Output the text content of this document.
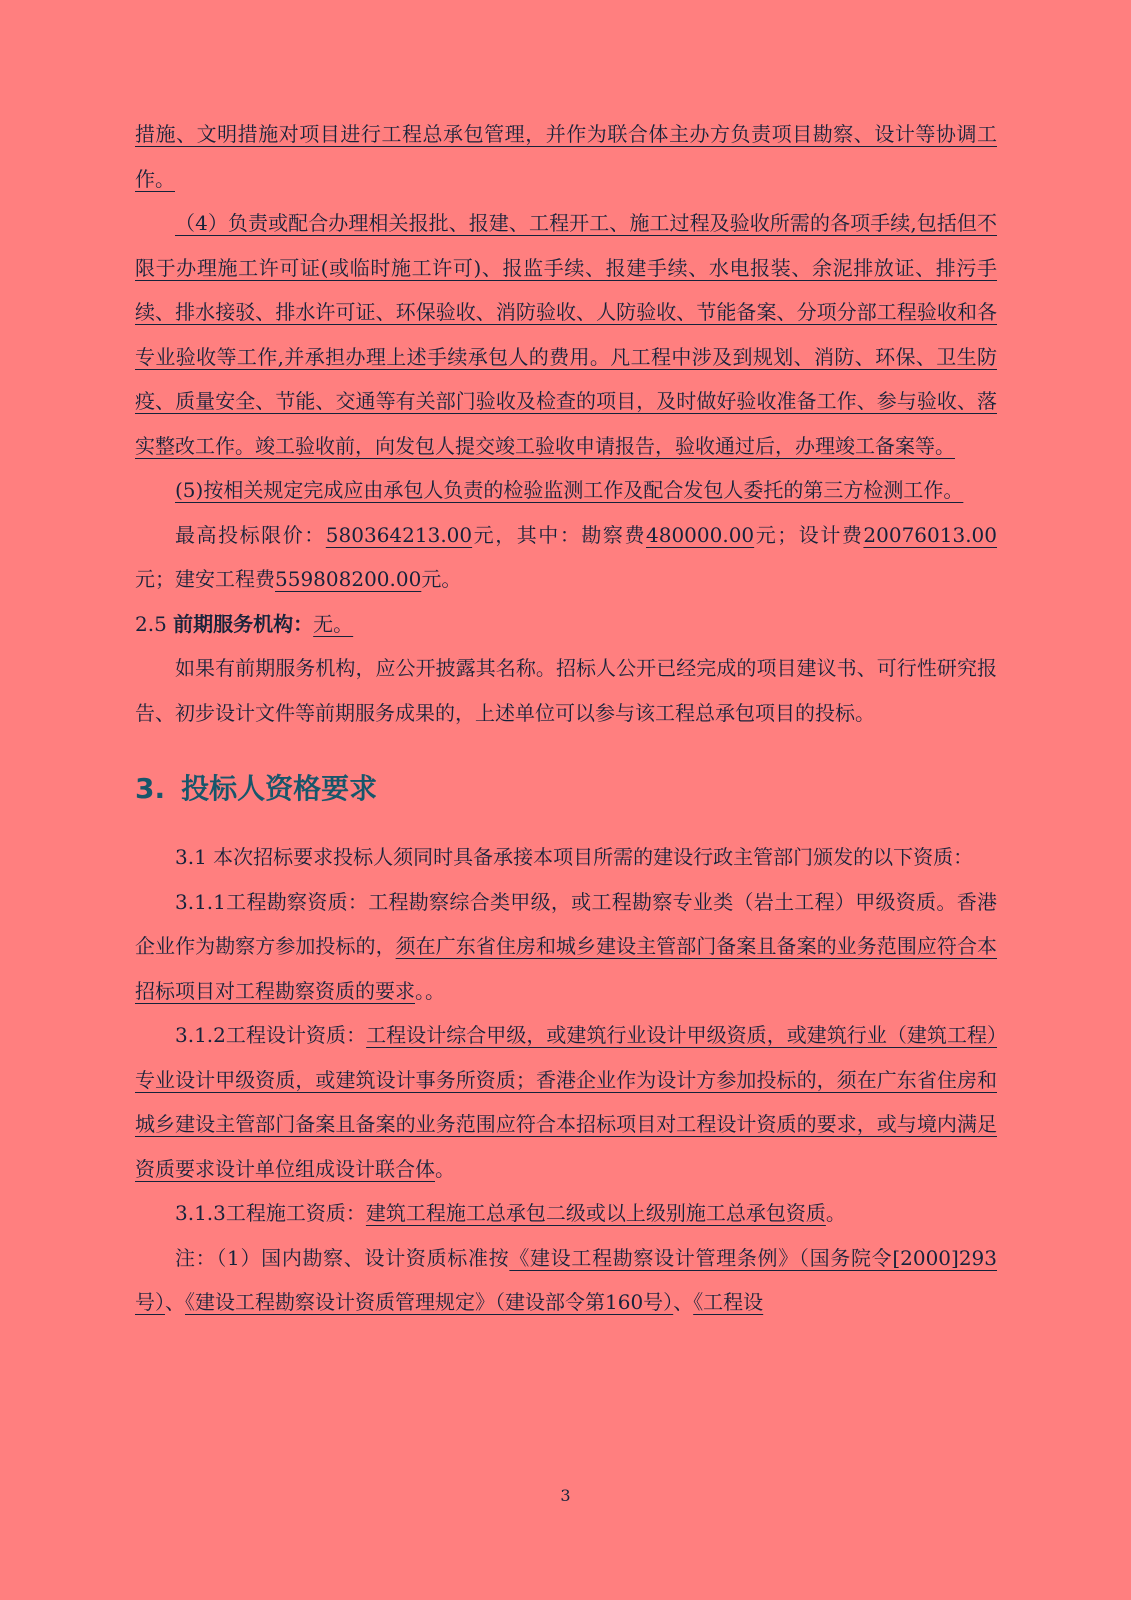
措施、文明措施对项目进行工程总承包管理，并作为联合体主办方负责项目勘察、设计等协调工作。

（4）负责或配合办理相关报批、报建、工程开工、施工过程及验收所需的各项手续,包括但不限于办理施工许可证(或临时施工许可)、报监手续、报建手续、水电报装、余泥排放证、排污手续、排水接驳、排水许可证、环保验收、消防验收、人防验收、节能备案、分项分部工程验收和各专业验收等工作,并承担办理上述手续承包人的费用。凡工程中涉及到规划、消防、环保、卫生防疫、质量安全、节能、交通等有关部门验收及检查的项目，及时做好验收准备工作、参与验收、落实整改工作。竣工验收前，向发包人提交竣工验收申请报告，验收通过后，办理竣工备案等。

(5)按相关规定完成应由承包人负责的检验监测工作及配合发包人委托的第三方检测工作。

最高投标限价：580364213.00元，其中：勘察费480000.00元；设计费20076013.00元；建安工程费559808200.00元。

2.5 前期服务机构：无。

如果有前期服务机构，应公开披露其名称。招标人公开已经完成的项目建议书、可行性研究报告、初步设计文件等前期服务成果的，上述单位可以参与该工程总承包项目的投标。

3. 投标人资格要求

3.1 本次招标要求投标人须同时具备承接本项目所需的建设行政主管部门颁发的以下资质：

3.1.1工程勘察资质：工程勘察综合类甲级，或工程勘察专业类（岩土工程）甲级资质。香港企业作为勘察方参加投标的，须在广东省住房和城乡建设主管部门备案且备案的业务范围应符合本招标项目对工程勘察资质的要求。。

3.1.2工程设计资质：工程设计综合甲级，或建筑行业设计甲级资质，或建筑行业（建筑工程）专业设计甲级资质，或建筑设计事务所资质；香港企业作为设计方参加投标的，须在广东省住房和城乡建设主管部门备案且备案的业务范围应符合本招标项目对工程设计资质的要求，或与境内满足资质要求设计单位组成设计联合体。

3.1.3工程施工资质：建筑工程施工总承包二级或以上级别施工总承包资质。

注：（1）国内勘察、设计资质标准按《建设工程勘察设计管理条例》（国务院令[2000]293号）、《建设工程勘察设计资质管理规定》（建设部令第160号）、《工程设

3
